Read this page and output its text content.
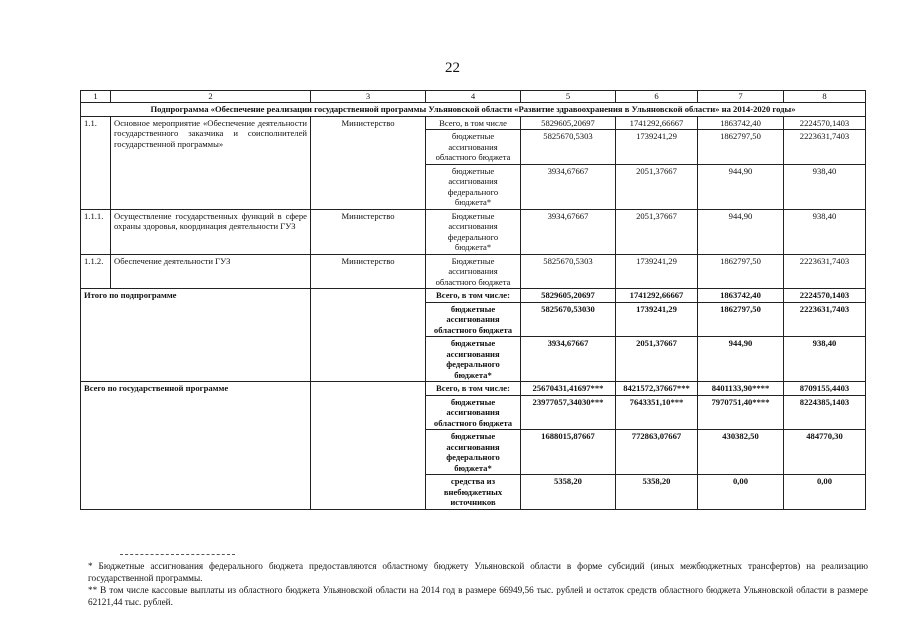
22
1	2	3	4	5	6	7	8
Подпрограмма «Обеспечение реализации государственной программы Ульяновской области «Развитие здравоохранения в Ульяновской области» на 2014-2020 годы»							
1.1.	Основное мероприятие «Обеспечение деятельности государственного заказчика и соисполнителей государственной программы»	Министерство	Всего, в том числе	5829605,20697	1741292,66667	1863742,40	2224570,1403
			бюджетные ассигнования областного бюджета	5825670,5303	1739241,29	1862797,50	2223631,7403
			бюджетные ассигнования федерального бюджета*	3934,67667	2051,37667	944,90	938,40
1.1.1.	Осуществление государственных функций в сфере охраны здоровья, координация деятельности ГУЗ	Министерство	Бюджетные ассигнования федерального бюджета*	3934,67667	2051,37667	944,90	938,40
1.1.2.	Обеспечение деятельности ГУЗ	Министерство	Бюджетные ассигнования областного бюджета	5825670,5303	1739241,29	1862797,50	2223631,7403
Итого по подпрограмме			Всего, в том числе:	5829605,20697	1741292,66667	1863742,40	2224570,1403
			бюджетные ассигнования областного бюджета	5825670,53030	1739241,29	1862797,50	2223631,7403
			бюджетные ассигнования федерального бюджета*	3934,67667	2051,37667	944,90	938,40
Всего по государственной программе			Всего, в том числе:	25670431,41697***	8421572,37667***	8401133,90****	8709155,4403
			бюджетные ассигнования областного бюджета	23977057,34030***	7643351,10***	7970751,40****	8224385,1403
			бюджетные ассигнования федерального бюджета*	1688015,87667	772863,07667	430382,50	484770,30
			средства из внебюджетных источников	5358,20	5358,20	0,00	0,00
* Бюджетные ассигнования федерального бюджета предоставляются областному бюджету Ульяновской области в форме субсидий (иных межбюджетных трансфертов) на реализацию государственной программы.
** В том числе кассовые выплаты из областного бюджета Ульяновской области на 2014 год в размере 66949,56 тыс. рублей и остаток средств областного бюджета Ульяновской области в размере 62121,44 тыс. рублей.
